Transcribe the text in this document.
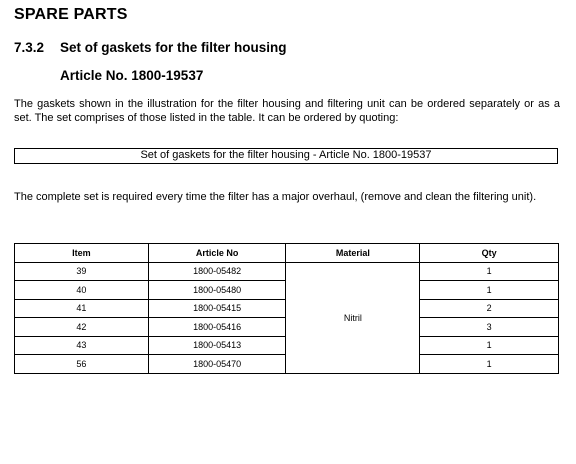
SPARE PARTS
7.3.2 Set of gaskets for the filter housing
Article No. 1800-19537
The gaskets shown in the illustration for the filter housing and filtering unit can be ordered separately or as a set. The set comprises of those listed in the table. It can be ordered by quoting:
Set of gaskets for the filter housing - Article No. 1800-19537
The complete set is required every time the filter has a major overhaul, (remove and clean the filtering unit).
Item	Article No	Material	Qty
39	1800-05482	Nitril	1
40	1800-05480		1
41	1800-05415		2
42	1800-05416		3
43	1800-05413		1
56	1800-05470		1
